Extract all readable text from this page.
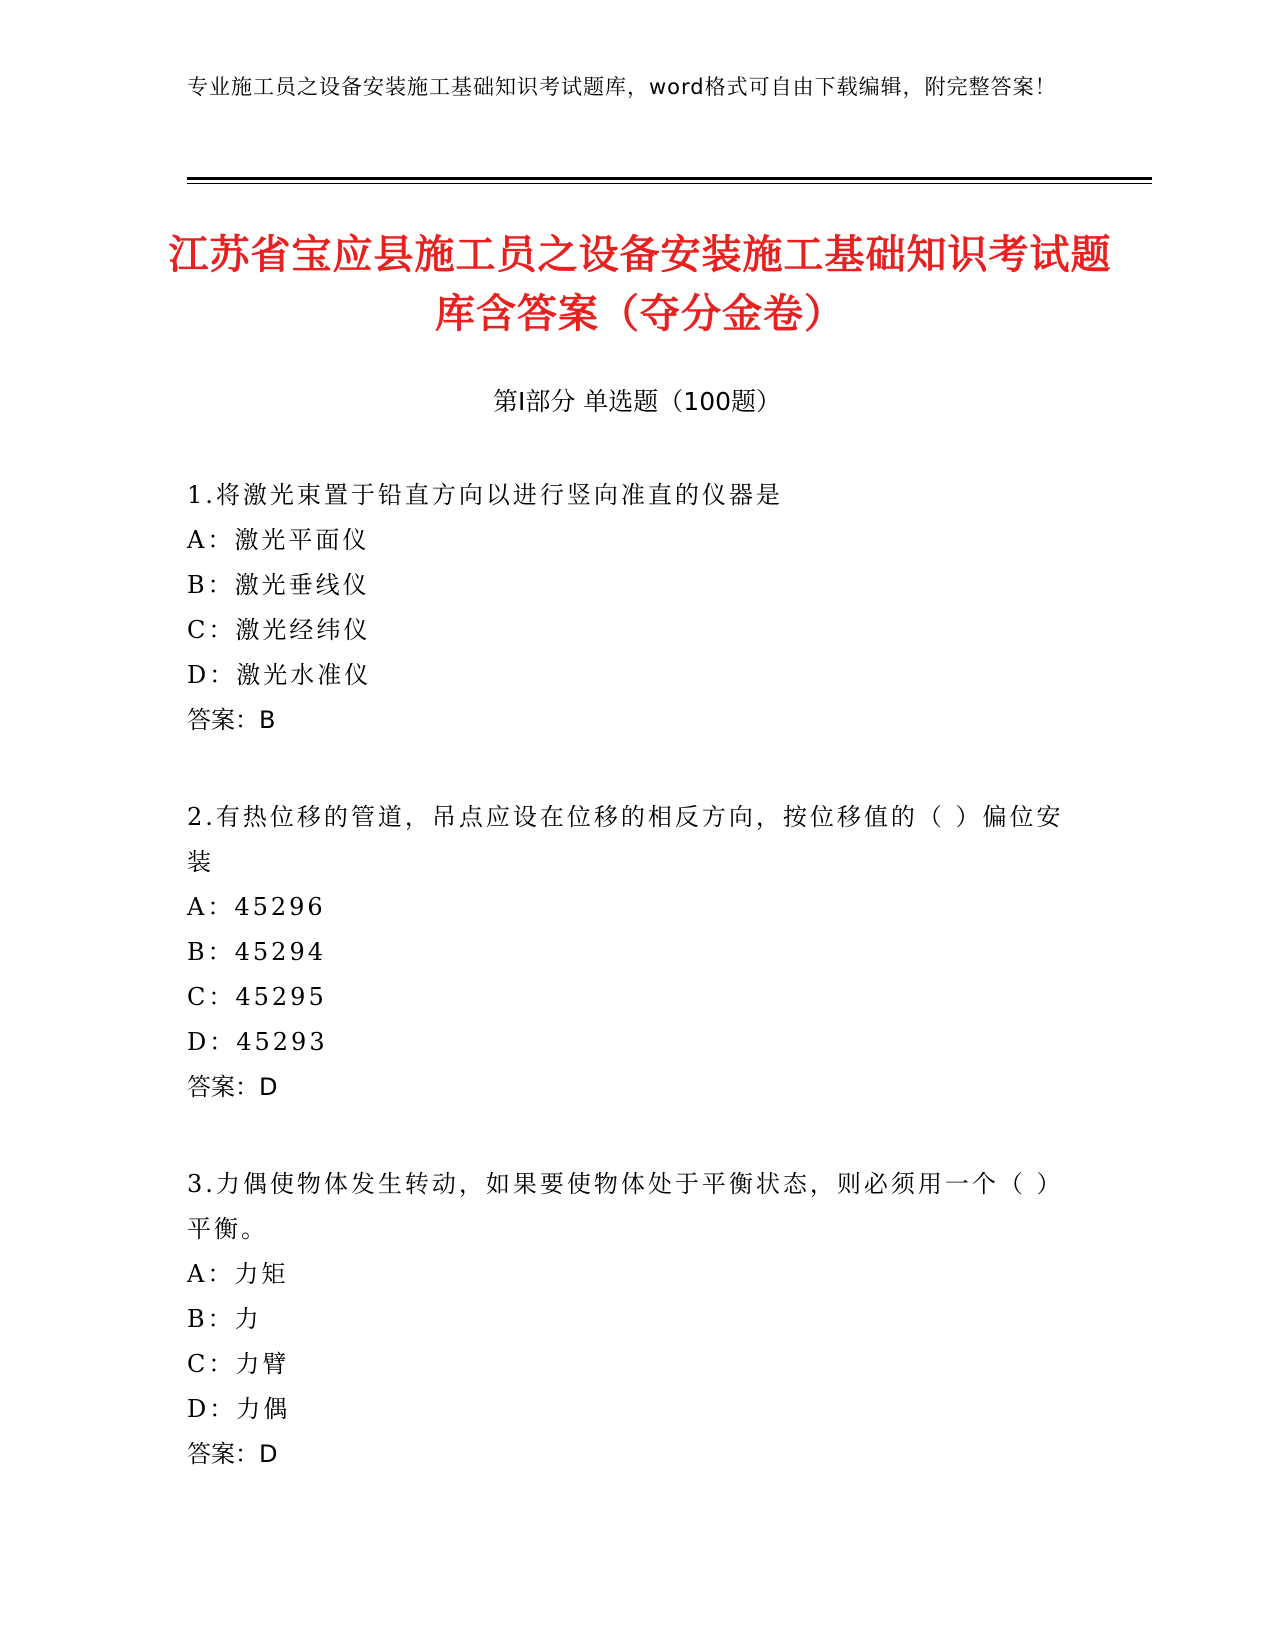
专业施工员之设备安装施工基础知识考试题库，word格式可自由下载编辑，附完整答案！
江苏省宝应县施工员之设备安装施工基础知识考试题库含答案（夺分金卷）
第Ⅰ部分 单选题（100题）

1.将激光束置于铅直方向以进行竖向准直的仪器是

A：激光平面仪

B：激光垂线仪

C：激光经纬仪

D：激光水准仪

答案：B

2.有热位移的管道，吊点应设在位移的相反方向，按位移值的（ ）偏位安装

A：45296

B：45294

C：45295

D：45293

答案：D

3.力偶使物体发生转动，如果要使物体处于平衡状态，则必须用一个（ ）平衡。

A：力矩

B：力

C：力臂

D：力偶

答案：D
